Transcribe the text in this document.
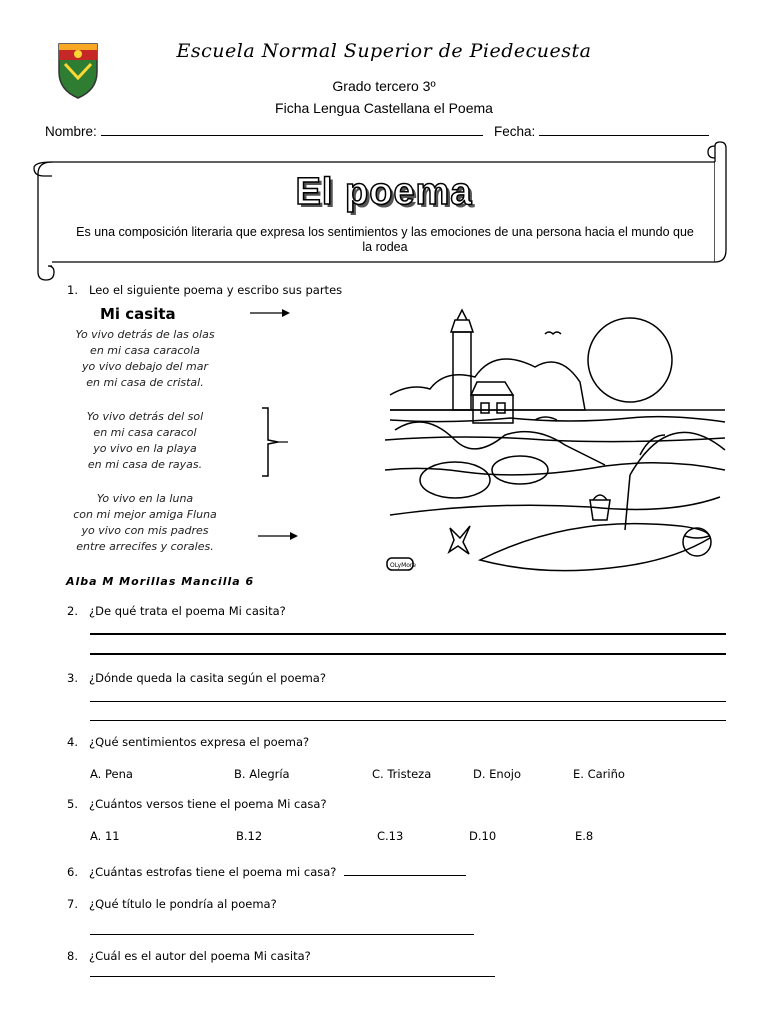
Escuela Normal Superior de Piedecuesta
Grado tercero 3º
Ficha Lengua Castellana el Poema
Nombre:	Fecha:
El poema
Es una composición literaria que expresa los sentimientos y las emociones de una persona hacia el mundo que la rodea
1. Leo el siguiente poema y escribo sus partes
Mi casita
Yo vivo detrás de las olas
en mi casa caracola
yo vivo debajo del mar
en mi casa de cristal.
Yo vivo detrás del sol
en mi casa caracol
yo vivo en la playa
en mi casa de rayas.
Yo vivo en la luna
con mi mejor amiga Fluna
yo vivo con mis padres
entre arrecifes y corales.
Alba M Morillas Mancilla 6
OLyMore
2. ¿De qué trata el poema Mi casita?
3. ¿Dónde queda la casita según el poema?
4. ¿Qué sentimientos expresa el poema?
A. Pena	B. Alegría	C. Tristeza	D. Enojo	E. Cariño
5. ¿Cuántos versos tiene el poema Mi casa?
A. 11	B.12	C.13	D.10	E.8
6. ¿Cuántas estrofas tiene el poema mi casa?
7. ¿Qué título le pondría al poema?
8. ¿Cuál es el autor del poema Mi casita?
